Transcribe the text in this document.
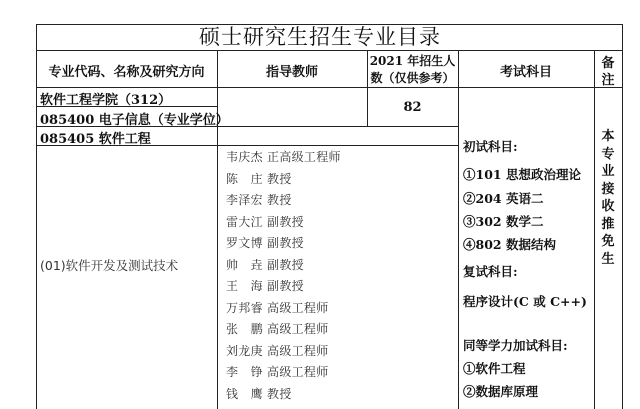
硕士研究生招生专业目录
专业代码、名称及研究方向	指导教师
2021 年招生人
数（仅供参考）	考试科目
备
注
软件工程学院（312）
085400 电子信息（专业学位）
82
085405 软件工程
(01)软件开发及测试技术
韦庆杰 正高级工程师
陈　庄 教授
李泽宏 教授
雷大江 副教授
罗文博 副教授
帅　垚 副教授
王　海 副教授
万邦睿 高级工程师
张　鹏 高级工程师
刘龙庚 高级工程师
李　铮 高级工程师
钱　鹰 教授
初试科目:
①101 思想政治理论
②204 英语二
③302 数学二
④802 数据结构
复试科目:
程序设计(C 或 C++)
同等学力加试科目:
①软件工程
②数据库原理
本
专
业
接
收
推
免
生
